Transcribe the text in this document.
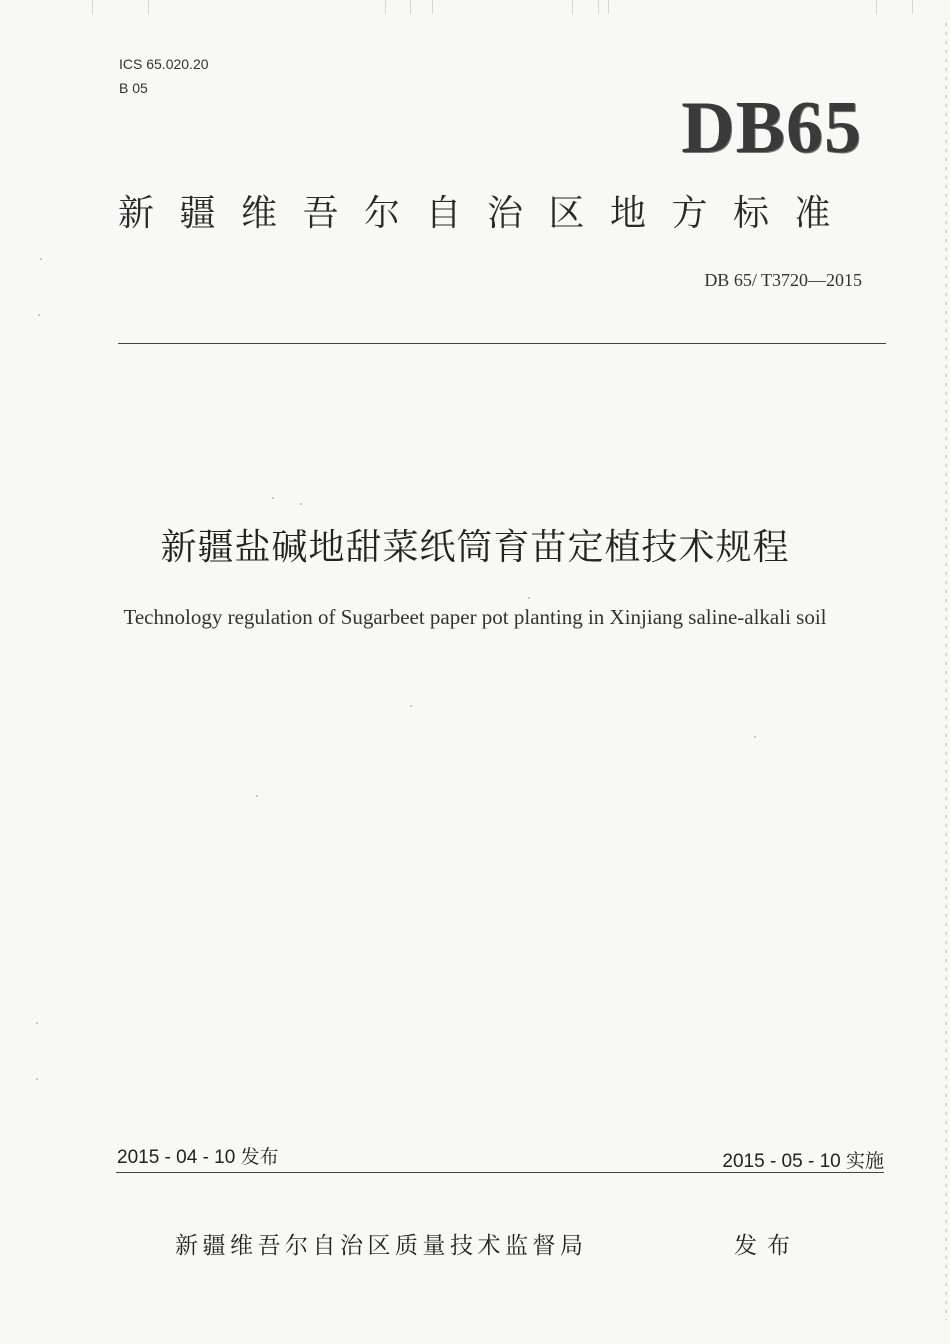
ICS 65.020.20
B 05	DB65
新疆维吾尔自治区地方标准
DB 65/ T3720—2015
新疆盐碱地甜菜纸筒育苗定植技术规程
Technology regulation of Sugarbeet paper pot planting in Xinjiang saline-alkali soil
2015 - 04 - 10 发布	2015 - 05 - 10 实施
新疆维吾尔自治区质量技术监督局	发布
